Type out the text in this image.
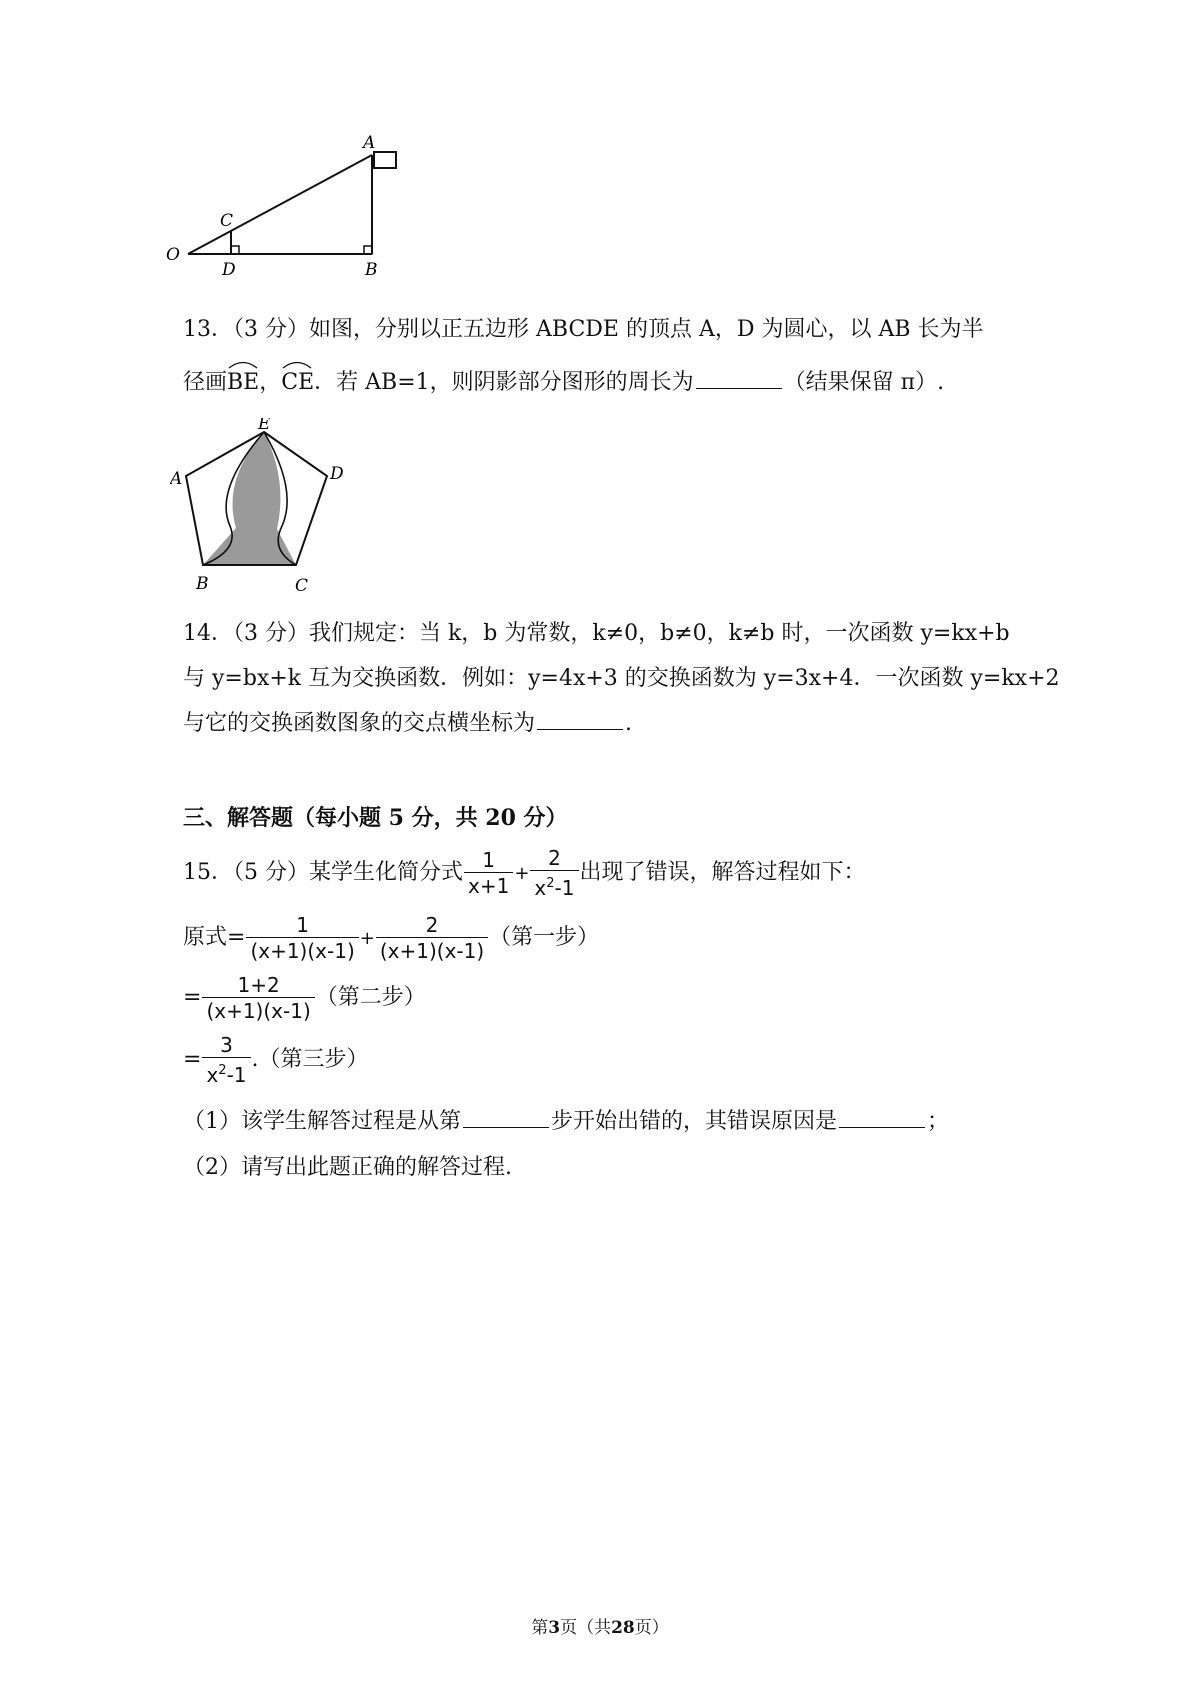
A
C
O
D	B
13．（3 分）如图，分别以正五边形 ABCDE 的顶点 A，D 为圆心，以 AB 长为半
径画
BE，
CE．若 AB=1，则阴影部分图形的周长为	（结果保留 π）.
E
A	D
B	C
14．（3 分）我们规定：当 k，b 为常数，k≠0，b≠0，k≠b 时，一次函数 y=kx+b
与 y=bx+k 互为交换函数．例如：y=4x+3 的交换函数为 y=3x+4．一次函数 y=kx+2
与它的交换函数图象的交点横坐标为	.
三、解答题（每小题 5 分，共 20 分）
15．（5 分）某学生化简分式 $\frac{1}{x+1} + \frac{2}{x^2-1}$ 出现了错误，解答过程如下：
原式= $\frac{1}{(x+1)(x-1)} + \frac{2}{(x+1)(x-1)}$ （第一步）
= $\frac{1+2}{(x+1)(x-1)}$ （第二步）
= $\frac{3}{x^2-1}$ .（第三步）
（1）该学生解答过程是从第	步开始出错的，其错误原因是	；
（2）请写出此题正确的解答过程.
第3页（共28页）
